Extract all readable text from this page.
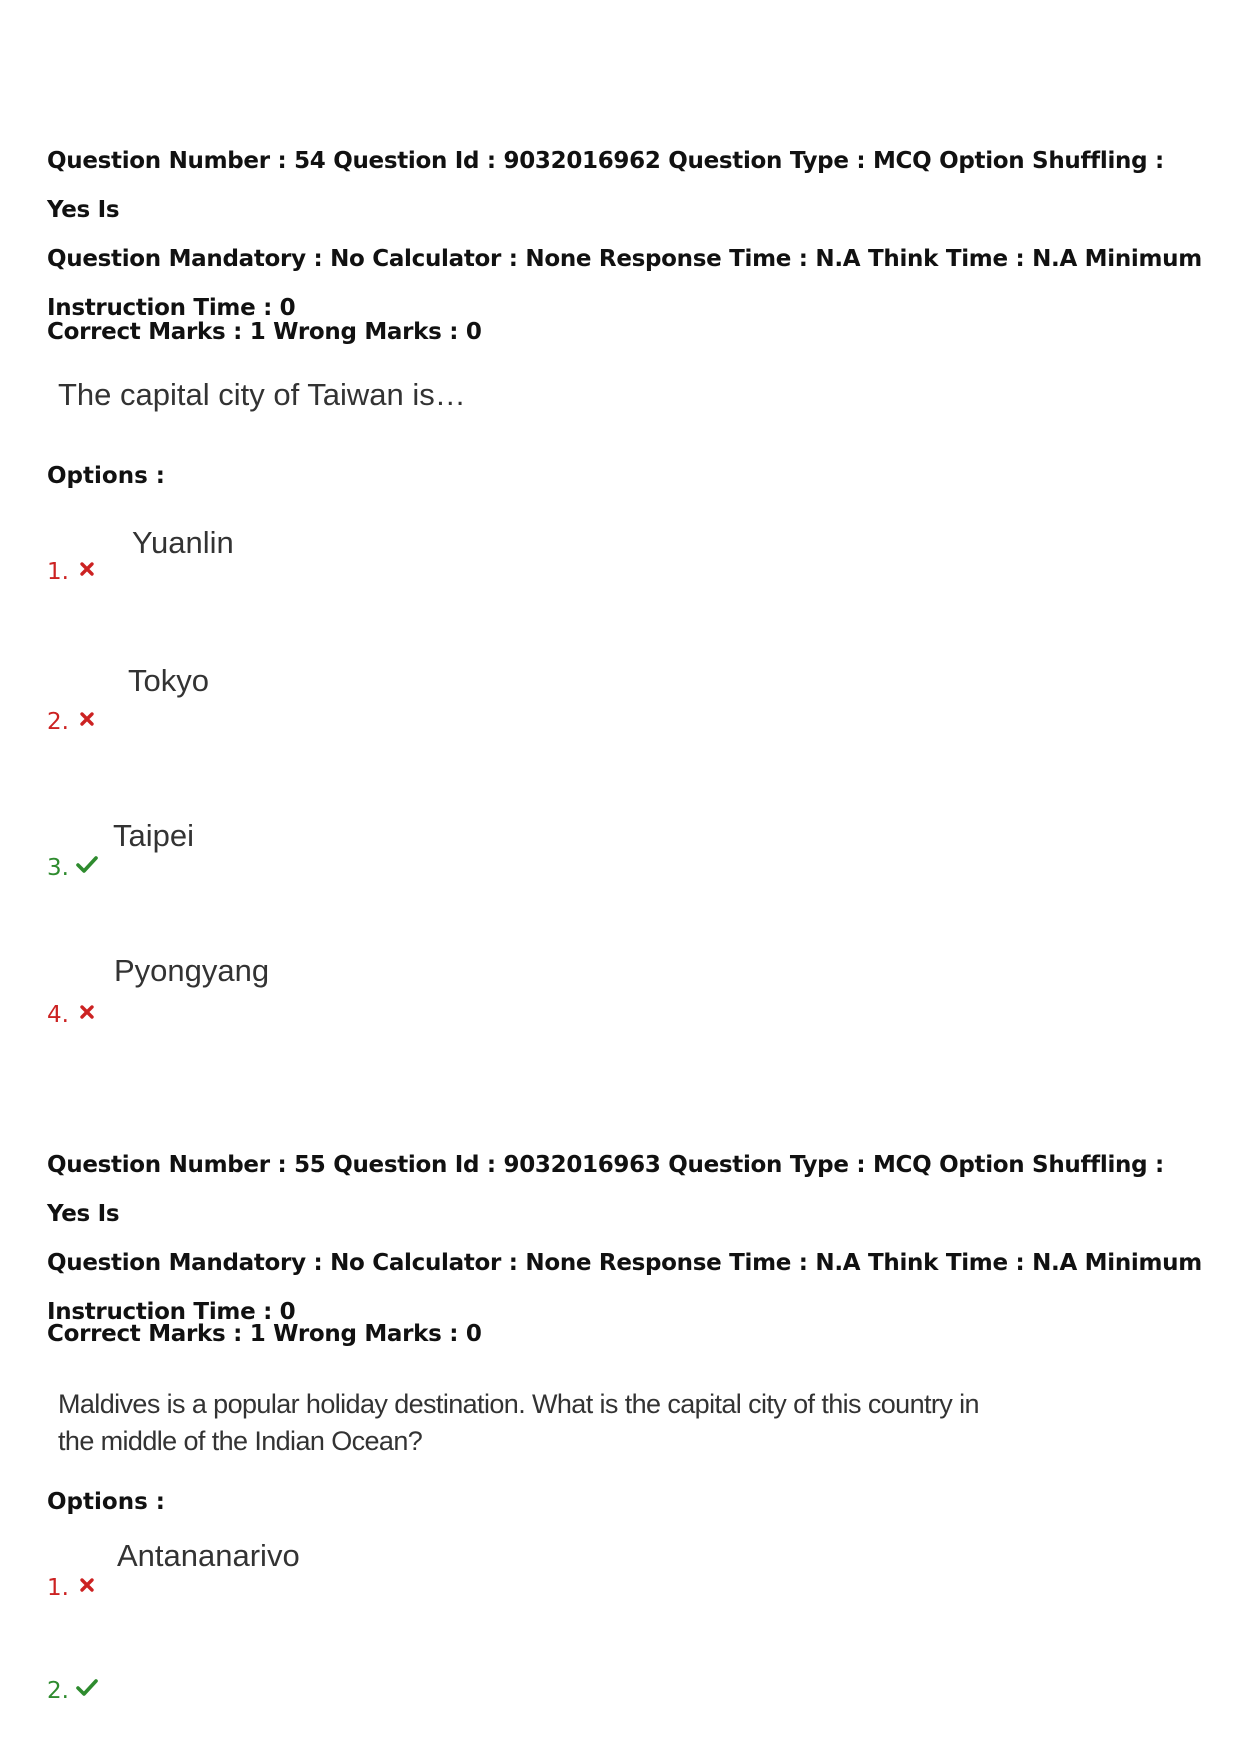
Question Number : 54 Question Id : 9032016962 Question Type : MCQ Option Shuffling : Yes Is
Question Mandatory : No Calculator : None Response Time : N.A Think Time : N.A Minimum
Instruction Time : 0
Correct Marks : 1 Wrong Marks : 0
The capital city of Taiwan is…
Options :
Yuanlin
1.
Tokyo
2.
Taipei
3.
Pyongyang
4.
Question Number : 55 Question Id : 9032016963 Question Type : MCQ Option Shuffling : Yes Is
Question Mandatory : No Calculator : None Response Time : N.A Think Time : N.A Minimum
Instruction Time : 0
Correct Marks : 1 Wrong Marks : 0
Maldives is a popular holiday destination. What is the capital city of this country in
the middle of the Indian Ocean?
Options :
Antananarivo
1.
2.
